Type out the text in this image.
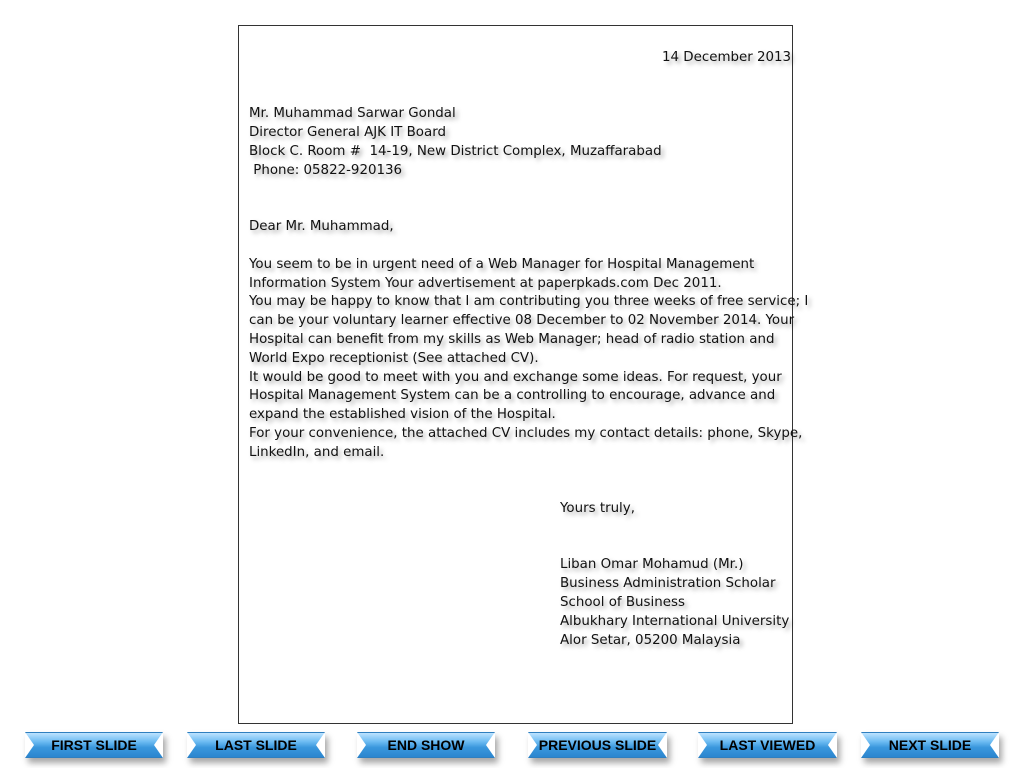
14 December 2013
Mr. Muhammad Sarwar Gondal
Director General AJK IT Board
Block C. Room #  14-19, New District Complex, Muzaffarabad
Phone: 05822-920136
Dear Mr. Muhammad,
You seem to be in urgent need of a Web Manager for Hospital Management
Information System Your advertisement at paperpkads.com Dec 2011.
You may be happy to know that I am contributing you three weeks of free service; I
can be your voluntary learner effective 08 December to 02 November 2014. Your
Hospital can benefit from my skills as Web Manager; head of radio station and
World Expo receptionist (See attached CV).
It would be good to meet with you and exchange some ideas. For request, your
Hospital Management System can be a controlling to encourage, advance and
expand the established vision of the Hospital.
For your convenience, the attached CV includes my contact details: phone, Skype,
LinkedIn, and email.
Yours truly,
Liban Omar Mohamud (Mr.)
Business Administration Scholar
School of Business
Albukhary International University
Alor Setar, 05200 Malaysia
FIRST SLIDE	LAST SLIDE	END SHOW	PREVIOUS SLIDE	LAST VIEWED	NEXT SLIDE
